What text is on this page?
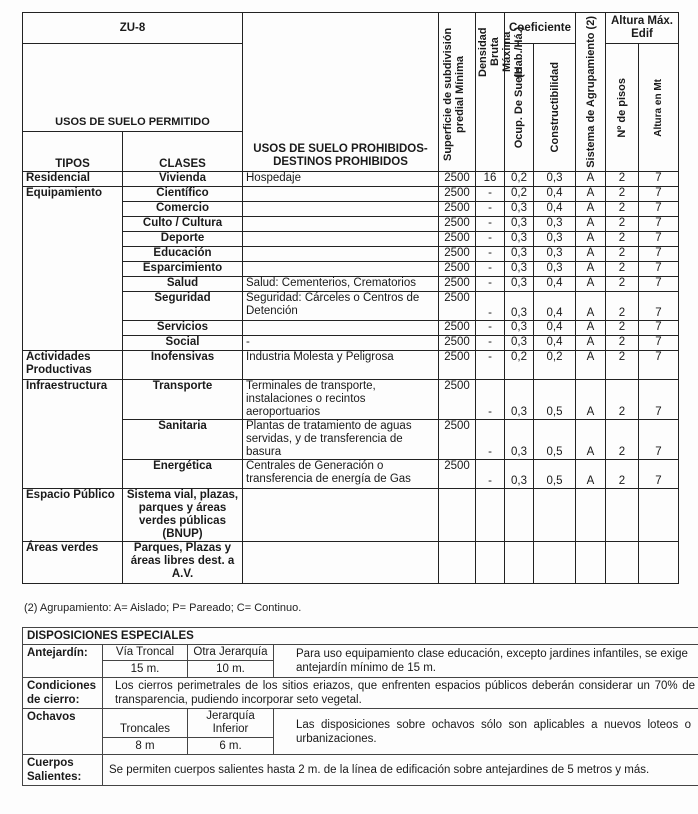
ZU-8		USOS DE SUELO PROHIBIDOS- DESTINOS PROHIBIDOS	Superficie de subdivisión predial Mínima	Densidad Bruta Máxima (Hab./Há.)	Coeficiente		Sistema de Agrupamiento (2)	Altura Máx. Edif	
USOS DE SUELO PERMITIDO					Ocup. De Suelo	Constructibilidad		Nº de pisos	Altura en Mt

TIPOS	CLASES								
Residencial	Vivienda	Hospedaje	2500	16	0,2	0,3	A	2	7
Equipamiento	Científico		2500	-	0,2	0,4	A	2	7
	Comercio		2500	-	0,3	0,4	A	2	7
	Culto / Cultura		2500	-	0,3	0,3	A	2	7
	Deporte		2500	-	0,3	0,3	A	2	7
	Educación		2500	-	0,3	0,3	A	2	7
	Esparcimiento		2500	-	0,3	0,3	A	2	7
	Salud	Salud: Cementerios, Crematorios	2500	-	0,3	0,4	A	2	7
	Seguridad	Seguridad: Cárceles o Centros de Detención	2500	-	0,3	0,4	A	2	7
	Servicios		2500	-	0,3	0,4	A	2	7
	Social	-	2500	-	0,3	0,4	A	2	7
Actividades Productivas	Inofensivas	Industria Molesta y Peligrosa	2500	-	0,2	0,2	A	2	7
Infraestructura	Transporte	Terminales de transporte, instalaciones o recintos aeroportuarios	2500	-	0,3	0,5	A	2	7
	Sanitaria	Plantas de tratamiento de aguas servidas, y de transferencia de basura	2500	-	0,3	0,5	A	2	7
	Energética	Centrales de Generación o transferencia de energía de Gas	2500	-	0,3	0,5	A	2	7
Espacio Público	Sistema vial, plazas, parques y áreas verdes públicas (BNUP)								
Áreas verdes	Parques, Plazas y áreas libres dest. a A.V.								
(2) Agrupamiento: A= Aislado; P= Pareado; C= Continuo.
DISPOSICIONES ESPECIALES			
Antejardín:	Vía Troncal	Otra Jerarquía	Para uso equipamiento clase educación, excepto jardines infantiles, se exige antejardín mínimo de 15 m.
	15 m.	10 m.	
Condiciones de cierro:	Los cierros perimetrales de los sitios eriazos, que enfrenten espacios públicos deberán considerar un 70% de transparencia, pudiendo incorporar seto vegetal.		
Ochavos	Troncales	Jerarquía Inferior	Las disposiciones sobre ochavos sólo son aplicables a nuevos loteos o urbanizaciones.
	8 m	6 m.	
Cuerpos Salientes:	Se permiten cuerpos salientes hasta 2 m. de la línea de edificación sobre antejardines de 5 metros y más.		
